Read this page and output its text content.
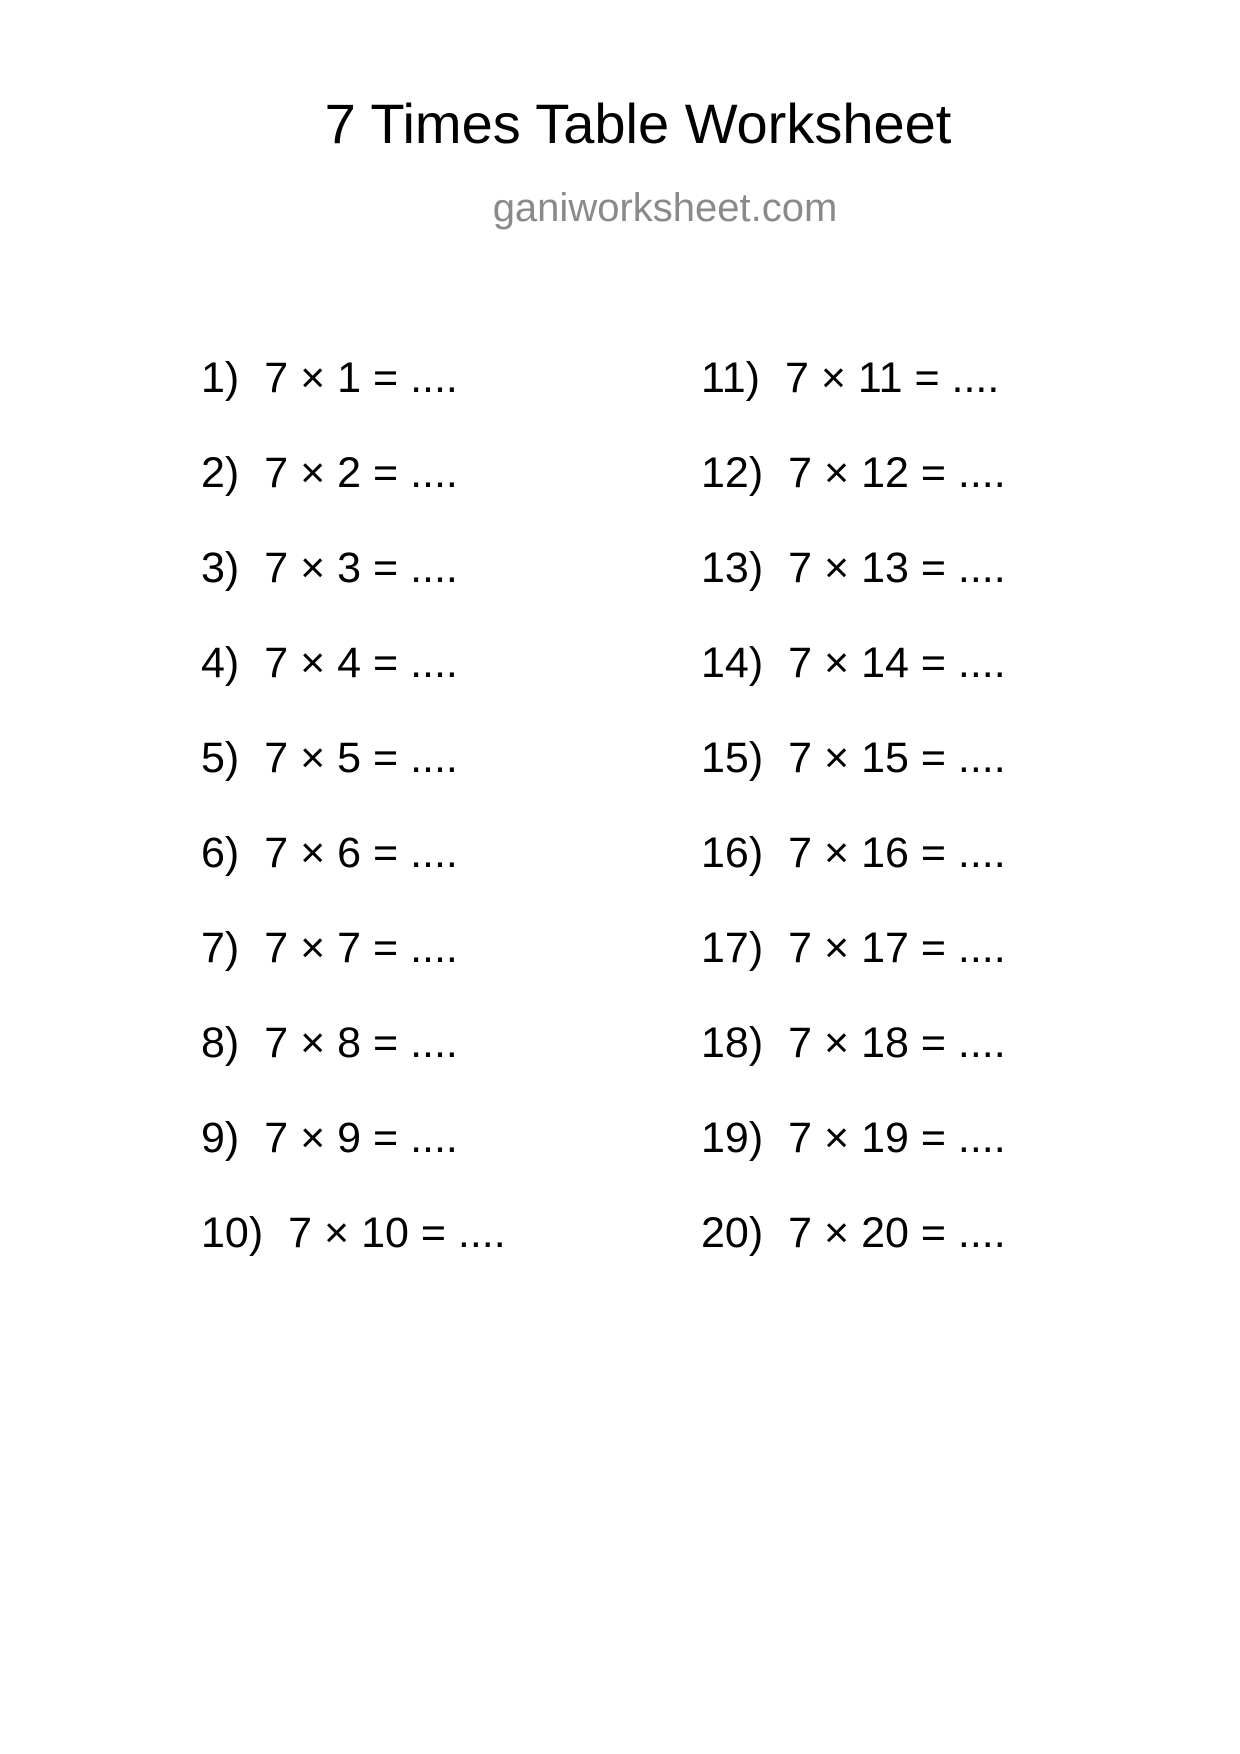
7 Times Table Worksheet

ganiworksheet.com

1) 7 × 1 = ....
2) 7 × 2 = ....
3) 7 × 3 = ....
4) 7 × 4 = ....
5) 7 × 5 = ....
6) 7 × 6 = ....
7) 7 × 7 = ....
8) 7 × 8 = ....
9) 7 × 9 = ....
10) 7 × 10 = ....
11) 7 × 11 = ....
12) 7 × 12 = ....
13) 7 × 13 = ....
14) 7 × 14 = ....
15) 7 × 15 = ....
16) 7 × 16 = ....
17) 7 × 17 = ....
18) 7 × 18 = ....
19) 7 × 19 = ....
20) 7 × 20 = ....
